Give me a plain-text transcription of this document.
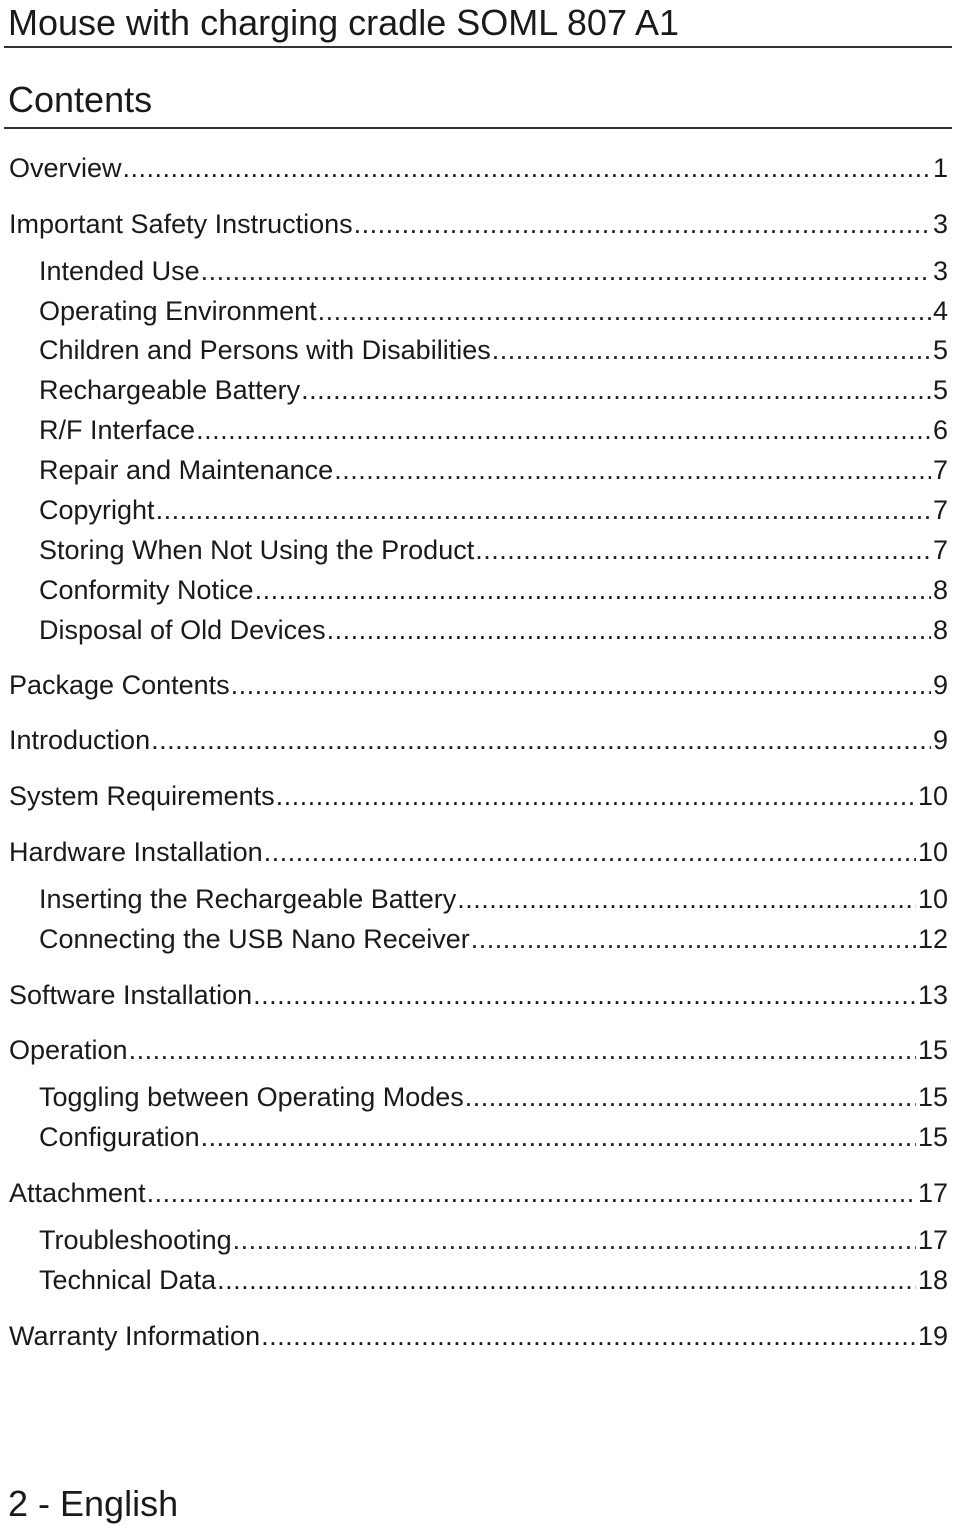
Mouse with charging cradle SOML 807 A1
Contents
Overview .....	1
Important Safety Instructions .....	3
Intended Use .....	3
Operating Environment .....	4
Children and Persons with Disabilities .....	5
Rechargeable Battery .....	5
R/F Interface .....	6
Repair and Maintenance .....	7
Copyright .....	7
Storing When Not Using the Product .....	7
Conformity Notice .....	8
Disposal of Old Devices .....	8
Package Contents .....	9
Introduction .....	9
System Requirements .....	10
Hardware Installation .....	10
Inserting the Rechargeable Battery .....	10
Connecting the USB Nano Receiver .....	12
Software Installation .....	13
Operation .....	15
Toggling between Operating Modes .....	15
Configuration .....	15
Attachment .....	17
Troubleshooting .....	17
Technical Data .....	18
Warranty Information .....	19
2 - English
